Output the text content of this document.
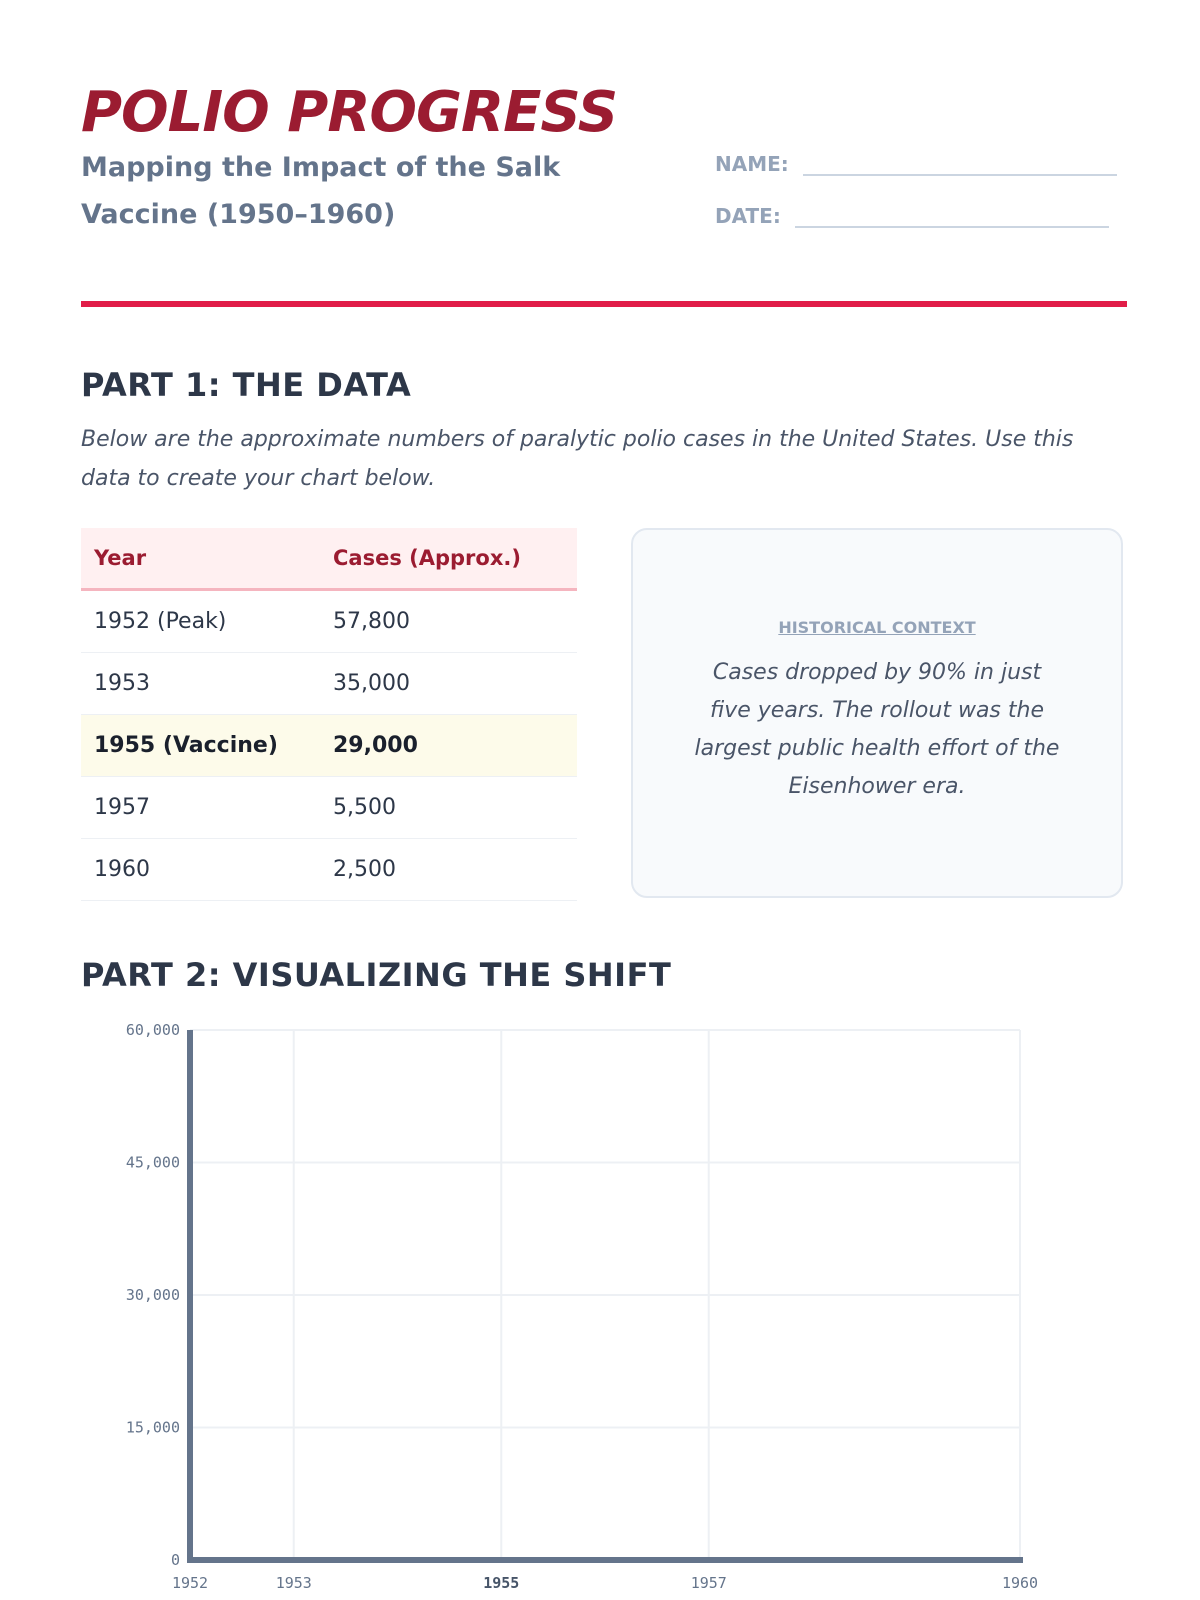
POLIO PROGRESS

Mapping the Impact of the Salk Vaccine (1950–1960)

NAME:
DATE:
PART 1: THE DATA

Below are the approximate numbers of paralytic polio cases in the United States. Use this data to create your chart below.

Year	Cases (Approx.)
1952 (Peak)	57,800
1953	35,000
1955 (Vaccine)	29,000
1957	5,500
1960	2,500
HISTORICAL CONTEXT
Cases dropped by 90% in just five years. The rollout was the largest public health effort of the Eisenhower era.
PART 2: VISUALIZING THE SHIFT
0
15,000
30,000
45,000
60,000
1952	1953	1955	1957	1960
